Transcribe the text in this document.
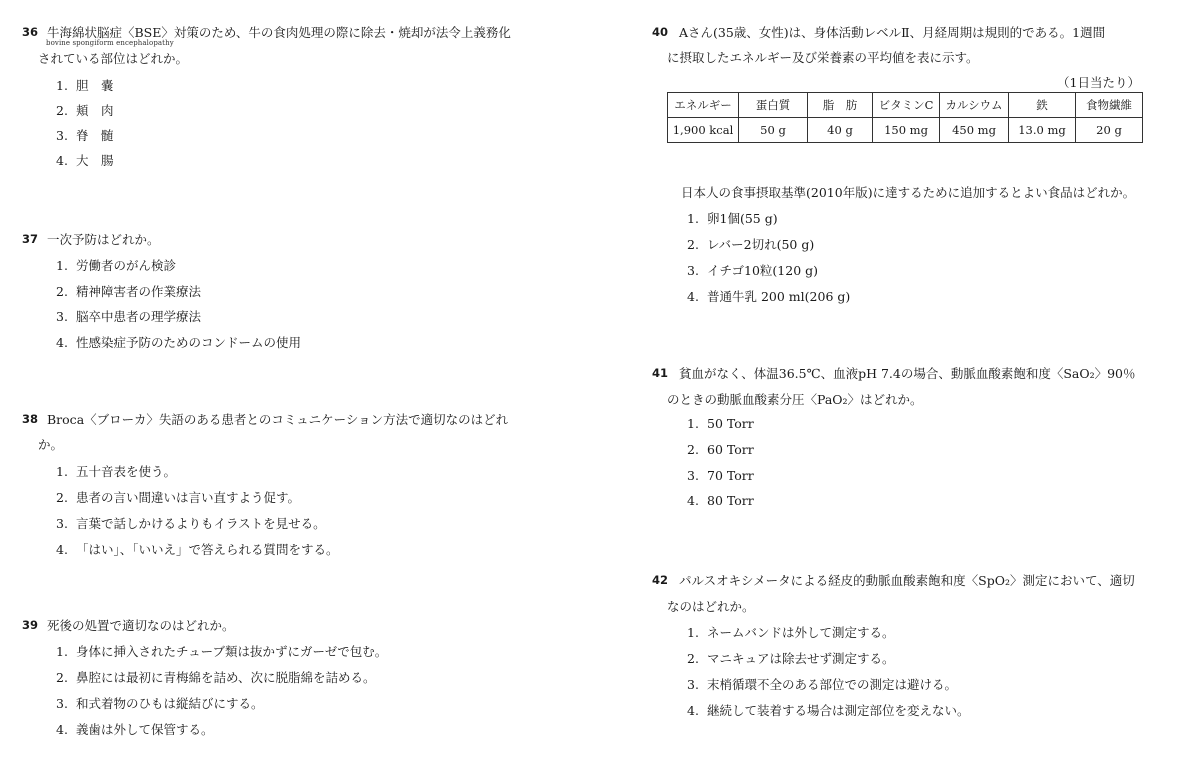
36 牛海綿状脳症〈BSE〉対策のため、牛の食肉処理の際に除去・焼却が法令上義務化
bovine spongiform encephalopathy
されている部位はどれか。
1. 胆　嚢
2. 頬　肉
3. 脊　髄
4. 大　腸
37 一次予防はどれか。
1. 労働者のがん検診
2. 精神障害者の作業療法
3. 脳卒中患者の理学療法
4. 性感染症予防のためのコンドームの使用
38 Broca〈ブローカ〉失語のある患者とのコミュニケーション方法で適切なのはどれ
か。
1. 五十音表を使う。
2. 患者の言い間違いは言い直すよう促す。
3. 言葉で話しかけるよりもイラストを見せる。
4. 「はい」、「いいえ」で答えられる質問をする。
39 死後の処置で適切なのはどれか。
1. 身体に挿入されたチューブ類は抜かずにガーゼで包む。
2. 鼻腔には最初に青梅綿を詰め、次に脱脂綿を詰める。
3. 和式着物のひもは縦結びにする。
4. 義歯は外して保管する。
40 Aさん(35歳、女性)は、身体活動レベルⅡ、月経周期は規則的である。1週間
に摂取したエネルギー及び栄養素の平均値を表に示す。
（1日当たり）
エネルギー	蛋白質	脂　肪	ビタミンC	カルシウム	鉄	食物繊維
1,900 kcal	50 g	40 g	150 mg	450 mg	13.0 mg	20 g
日本人の食事摂取基準(2010年版)に達するために追加するとよい食品はどれか。
1. 卵1個(55 g)
2. レバー2切れ(50 g)
3. イチゴ10粒(120 g)
4. 普通牛乳 200 ml(206 g)
41 貧血がなく、体温36.5℃、血液pH 7.4の場合、動脈血酸素飽和度〈SaO₂〉90％
のときの動脈血酸素分圧〈PaO₂〉はどれか。
1. 50 Torr
2. 60 Torr
3. 70 Torr
4. 80 Torr
42 パルスオキシメータによる経皮的動脈血酸素飽和度〈SpO₂〉測定において、適切
なのはどれか。
1. ネームバンドは外して測定する。
2. マニキュアは除去せず測定する。
3. 末梢循環不全のある部位での測定は避ける。
4. 継続して装着する場合は測定部位を変えない。
